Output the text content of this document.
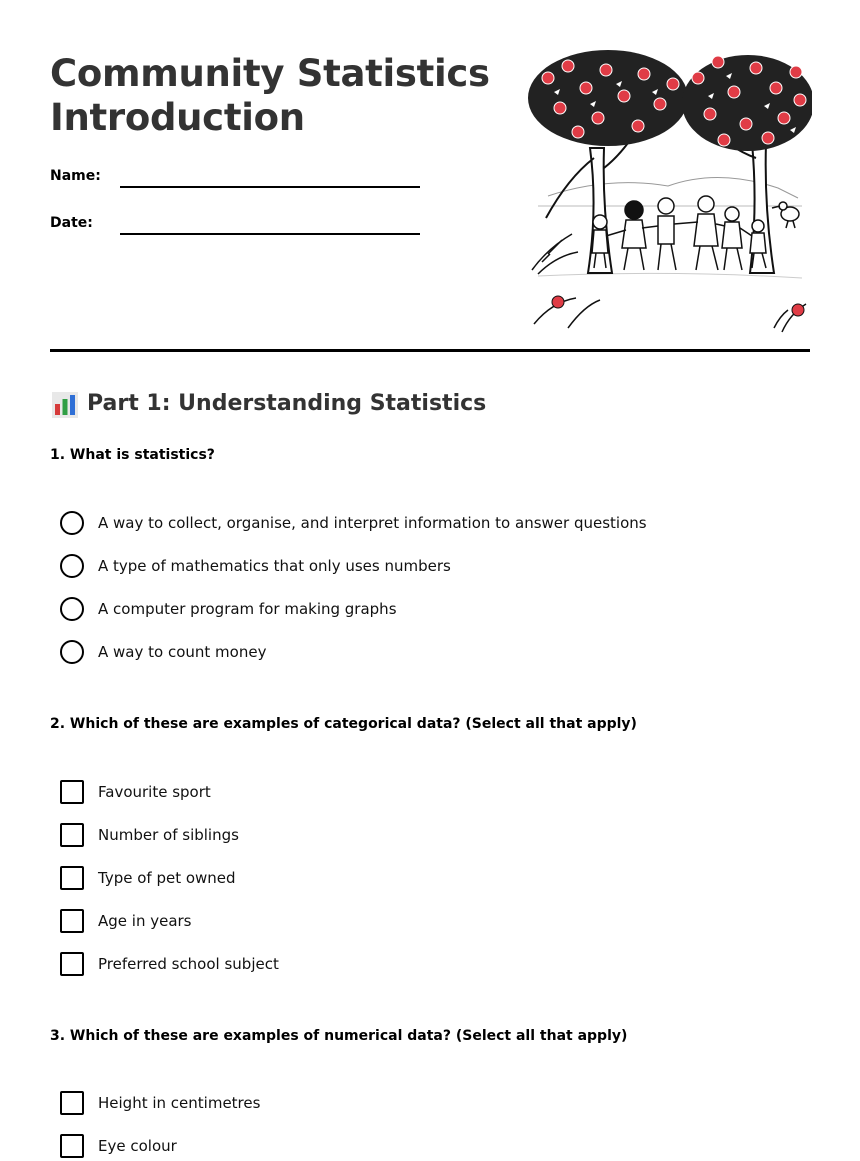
Community Statistics
Introduction
Name:
Date:
Part 1: Understanding Statistics
1. What is statistics?
A way to collect, organise, and interpret information to answer questions
A type of mathematics that only uses numbers
A computer program for making graphs
A way to count money
2. Which of these are examples of categorical data? (Select all that apply)
Favourite sport
Number of siblings
Type of pet owned
Age in years
Preferred school subject
3. Which of these are examples of numerical data? (Select all that apply)
Height in centimetres
Eye colour
